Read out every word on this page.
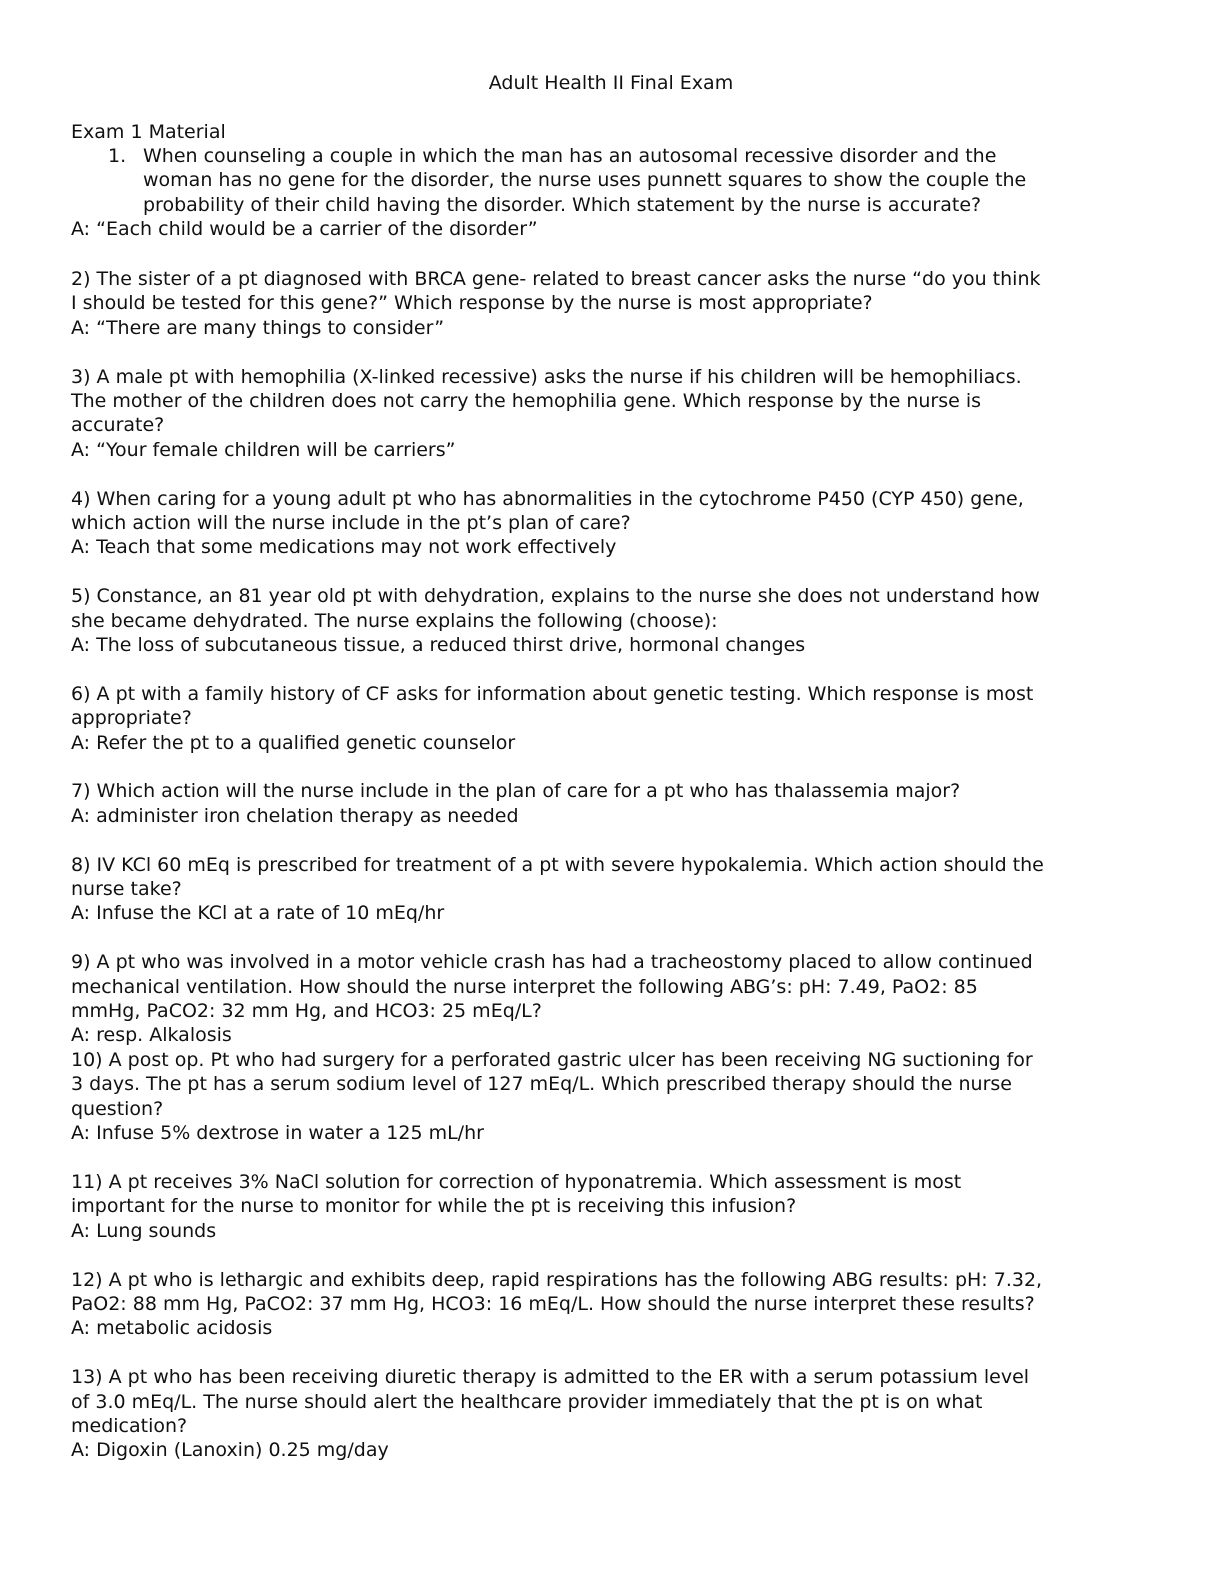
Adult Health II Final Exam
Exam 1 Material
1. When counseling a couple in which the man has an autosomal recessive disorder and the
woman has no gene for the disorder, the nurse uses punnett squares to show the couple the
probability of their child having the disorder. Which statement by the nurse is accurate?
A: “Each child would be a carrier of the disorder”
2) The sister of a pt diagnosed with BRCA gene- related to breast cancer asks the nurse “do you think
I should be tested for this gene?” Which response by the nurse is most appropriate?
A: “There are many things to consider”
3) A male pt with hemophilia (X-linked recessive) asks the nurse if his children will be hemophiliacs.
The mother of the children does not carry the hemophilia gene. Which response by the nurse is
accurate?
A: “Your female children will be carriers”
4) When caring for a young adult pt who has abnormalities in the cytochrome P450 (CYP 450) gene,
which action will the nurse include in the pt’s plan of care?
A: Teach that some medications may not work effectively
5) Constance, an 81 year old pt with dehydration, explains to the nurse she does not understand how
she became dehydrated. The nurse explains the following (choose):
A: The loss of subcutaneous tissue, a reduced thirst drive, hormonal changes
6) A pt with a family history of CF asks for information about genetic testing. Which response is most
appropriate?
A: Refer the pt to a qualified genetic counselor
7) Which action will the nurse include in the plan of care for a pt who has thalassemia major?
A: administer iron chelation therapy as needed
8) IV KCl 60 mEq is prescribed for treatment of a pt with severe hypokalemia. Which action should the
nurse take?
A: Infuse the KCl at a rate of 10 mEq/hr
9) A pt who was involved in a motor vehicle crash has had a tracheostomy placed to allow continued
mechanical ventilation. How should the nurse interpret the following ABG’s: pH: 7.49, PaO2: 85
mmHg, PaCO2: 32 mm Hg, and HCO3: 25 mEq/L?
A: resp. Alkalosis
10) A post op. Pt who had surgery for a perforated gastric ulcer has been receiving NG suctioning for
3 days. The pt has a serum sodium level of 127 mEq/L. Which prescribed therapy should the nurse
question?
A: Infuse 5% dextrose in water a 125 mL/hr
11) A pt receives 3% NaCl solution for correction of hyponatremia. Which assessment is most
important for the nurse to monitor for while the pt is receiving this infusion?
A: Lung sounds
12) A pt who is lethargic and exhibits deep, rapid respirations has the following ABG results: pH: 7.32,
PaO2: 88 mm Hg, PaCO2: 37 mm Hg, HCO3: 16 mEq/L. How should the nurse interpret these results?
A: metabolic acidosis
13) A pt who has been receiving diuretic therapy is admitted to the ER with a serum potassium level
of 3.0 mEq/L. The nurse should alert the healthcare provider immediately that the pt is on what
medication?
A: Digoxin (Lanoxin) 0.25 mg/day
